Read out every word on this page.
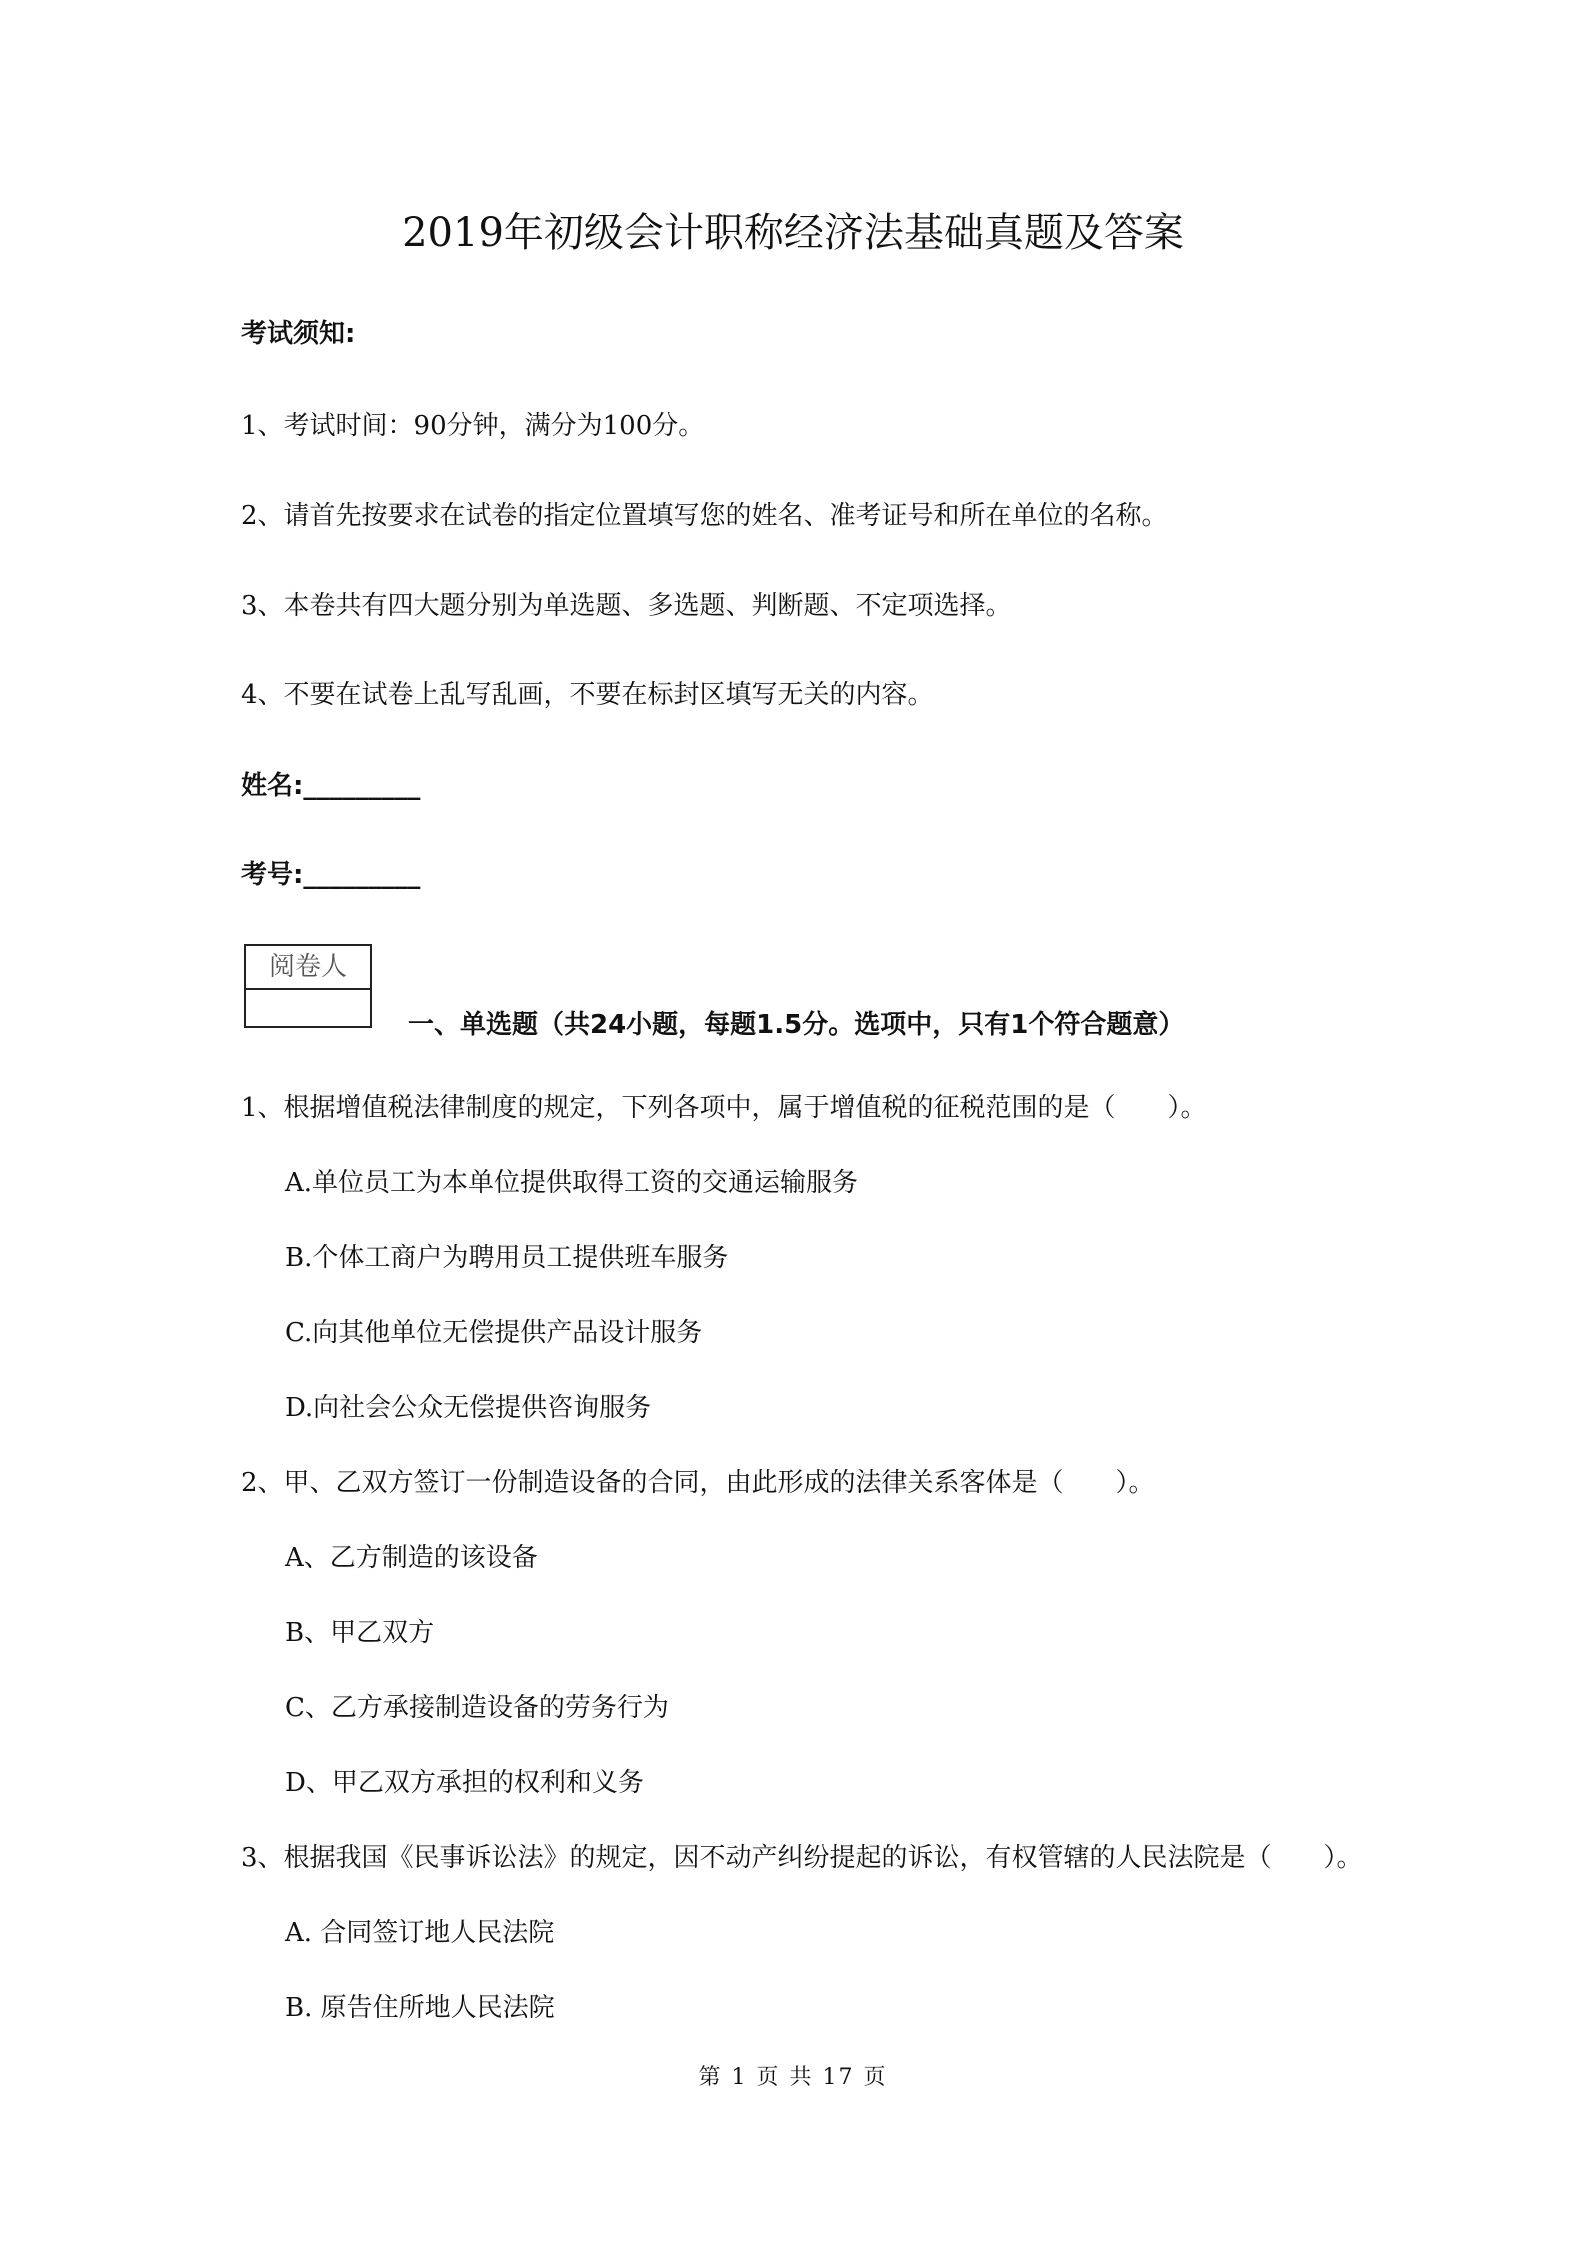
2019年初级会计职称经济法基础真题及答案
考试须知:
1、考试时间：90分钟，满分为100分。
2、请首先按要求在试卷的指定位置填写您的姓名、准考证号和所在单位的名称。
3、本卷共有四大题分别为单选题、多选题、判断题、不定项选择。
4、不要在试卷上乱写乱画，不要在标封区填写无关的内容。
姓名:_________
考号:_________
阅卷人
一、单选题（共24小题，每题1.5分。选项中，只有1个符合题意）
1、根据增值税法律制度的规定，下列各项中，属于增值税的征税范围的是（　　）。
A.单位员工为本单位提供取得工资的交通运输服务
B.个体工商户为聘用员工提供班车服务
C.向其他单位无偿提供产品设计服务
D.向社会公众无偿提供咨询服务
2、甲、乙双方签订一份制造设备的合同，由此形成的法律关系客体是（　　）。
A、乙方制造的该设备
B、甲乙双方
C、乙方承接制造设备的劳务行为
D、甲乙双方承担的权利和义务
3、根据我国《民事诉讼法》的规定，因不动产纠纷提起的诉讼，有权管辖的人民法院是（　　）。
A. 合同签订地人民法院
B. 原告住所地人民法院
第 1 页 共 17 页
